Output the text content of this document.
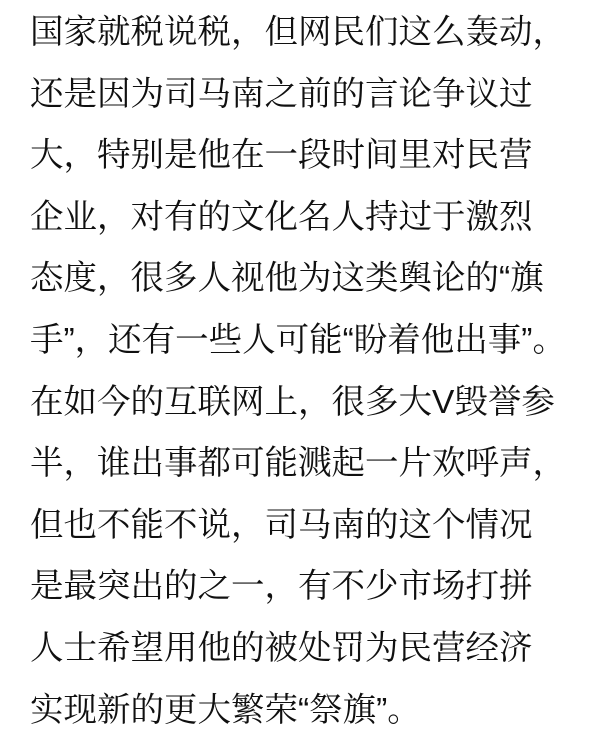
国家就税说税，但网民们这么轰动，
还是因为司马南之前的言论争议过
大，特别是他在一段时间里对民营
企业，对有的文化名人持过于激烈
态度，很多人视他为这类舆论的“旗
手”，还有一些人可能“盼着他出事”。
在如今的互联网上，很多大V毁誉参
半，谁出事都可能溅起一片欢呼声，
但也不能不说，司马南的这个情况
是最突出的之一，有不少市场打拼
人士希望用他的被处罚为民营经济
实现新的更大繁荣“祭旗”。
